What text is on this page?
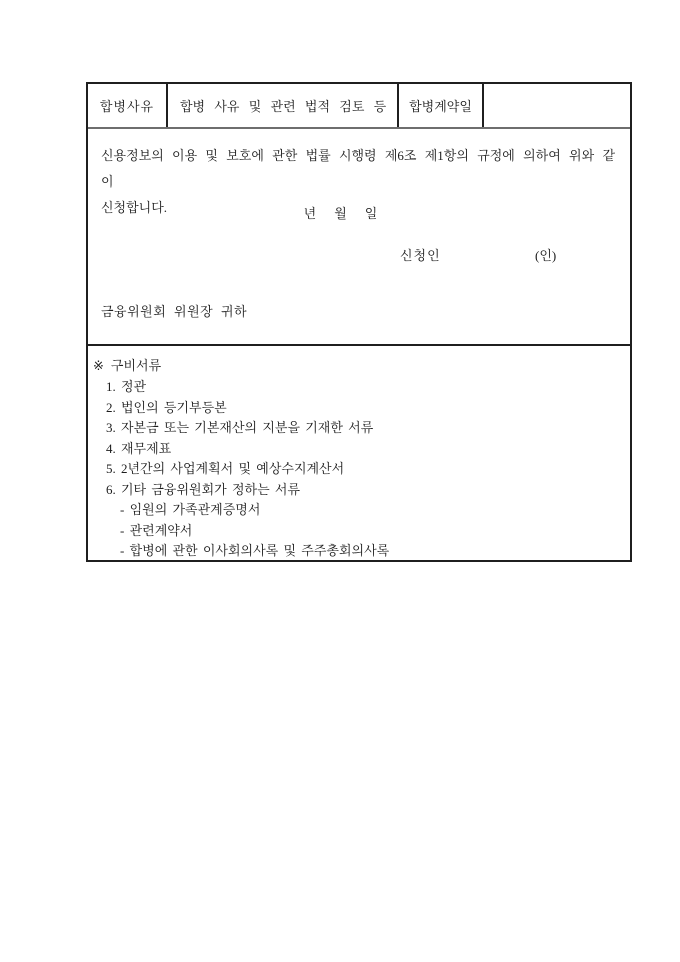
합병사유 합병 사유 및 관련 법적 검토 등 합병계약일
신용정보의 이용 및 보호에 관한 법률 시행령 제6조 제1항의 규정에 의하여 위와 같이
신청합니다.	년    월    일
신청인	(인)
금융위원회 위원장 귀하
※ 구비서류
1. 정관
2. 법인의 등기부등본
3. 자본금 또는 기본재산의 지분을 기재한 서류
4. 재무제표
5. 2년간의 사업계획서 및 예상수지계산서
6. 기타 금융위원회가 정하는 서류
- 임원의 가족관계증명서
- 관련계약서
- 합병에 관한 이사회의사록 및 주주총회의사록
